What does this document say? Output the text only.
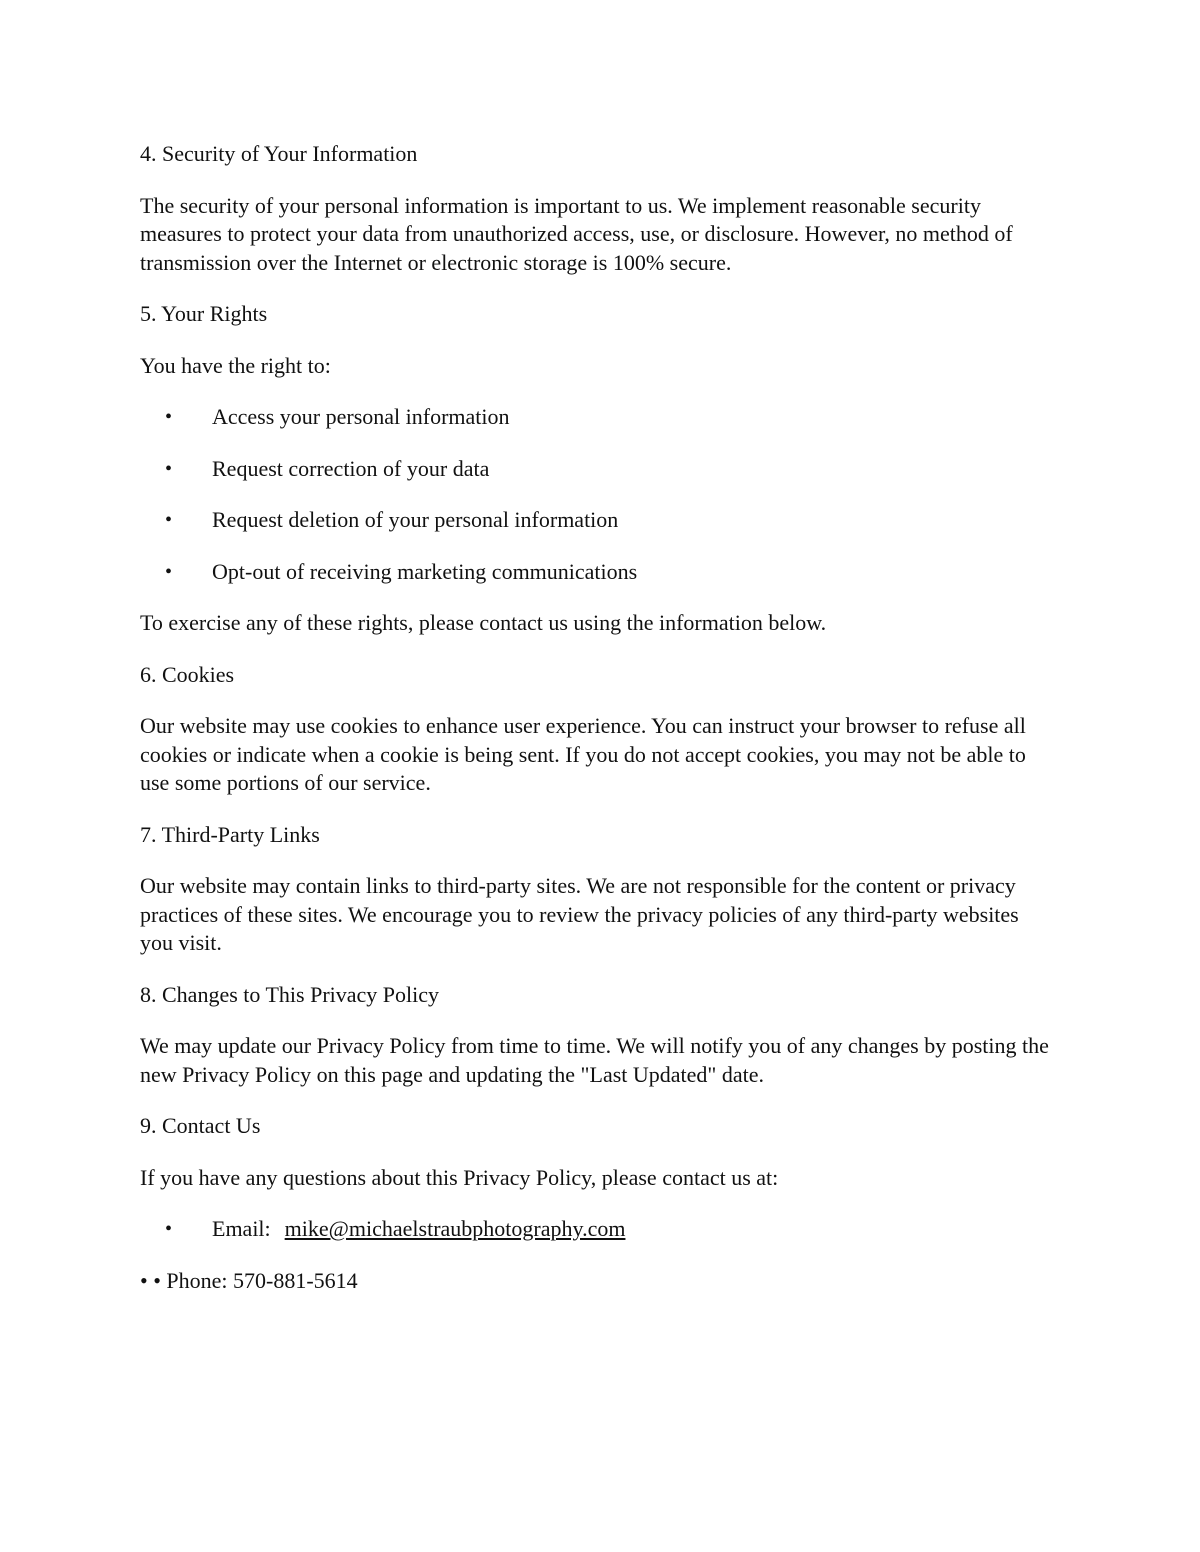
4. Security of Your Information

The security of your personal information is important to us. We implement reasonable security measures to protect your data from unauthorized access, use, or disclosure. However, no method of transmission over the Internet or electronic storage is 100% secure.

5. Your Rights

You have the right to:

•	Access your personal information
•	Request correction of your data
•	Request deletion of your personal information
•	Opt-out of receiving marketing communications

To exercise any of these rights, please contact us using the information below.

6. Cookies

Our website may use cookies to enhance user experience. You can instruct your browser to refuse all cookies or indicate when a cookie is being sent. If you do not accept cookies, you may not be able to use some portions of our service.

7. Third-Party Links

Our website may contain links to third-party sites. We are not responsible for the content or privacy practices of these sites. We encourage you to review the privacy policies of any third-party websites you visit.

8. Changes to This Privacy Policy

We may update our Privacy Policy from time to time. We will notify you of any changes by posting the new Privacy Policy on this page and updating the "Last Updated" date.

9. Contact Us

If you have any questions about this Privacy Policy, please contact us at:

•	Email: mike@michaelstraubphotography.com

• • Phone: 570-881-5614
